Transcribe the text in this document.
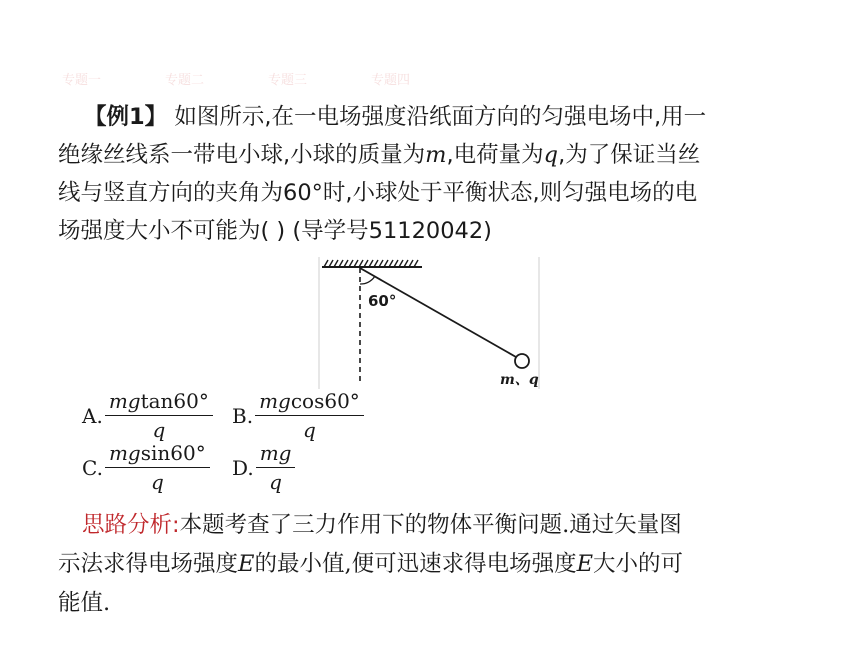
专题一	专题二	专题三	专题四
【例1】 如图所示,在一电场强度沿纸面方向的匀强电场中,用一
绝缘丝线系一带电小球,小球的质量为m,电荷量为q,为了保证当丝
线与竖直方向的夹角为60°时,小球处于平衡状态,则匀强电场的电
场强度大小不可能为( ) (导学号51120042)
60°
m、q
A. $\frac{mgtan60^\circ}{q} B$. $\frac{mgcos60^\circ}{q}$
C. $\frac{mgsin60^\circ}{q} D$. $\frac{mg}{q}$
思路分析:本题考查了三力作用下的物体平衡问题.通过矢量图
示法求得电场强度E的最小值,便可迅速求得电场强度E大小的可
能值.
